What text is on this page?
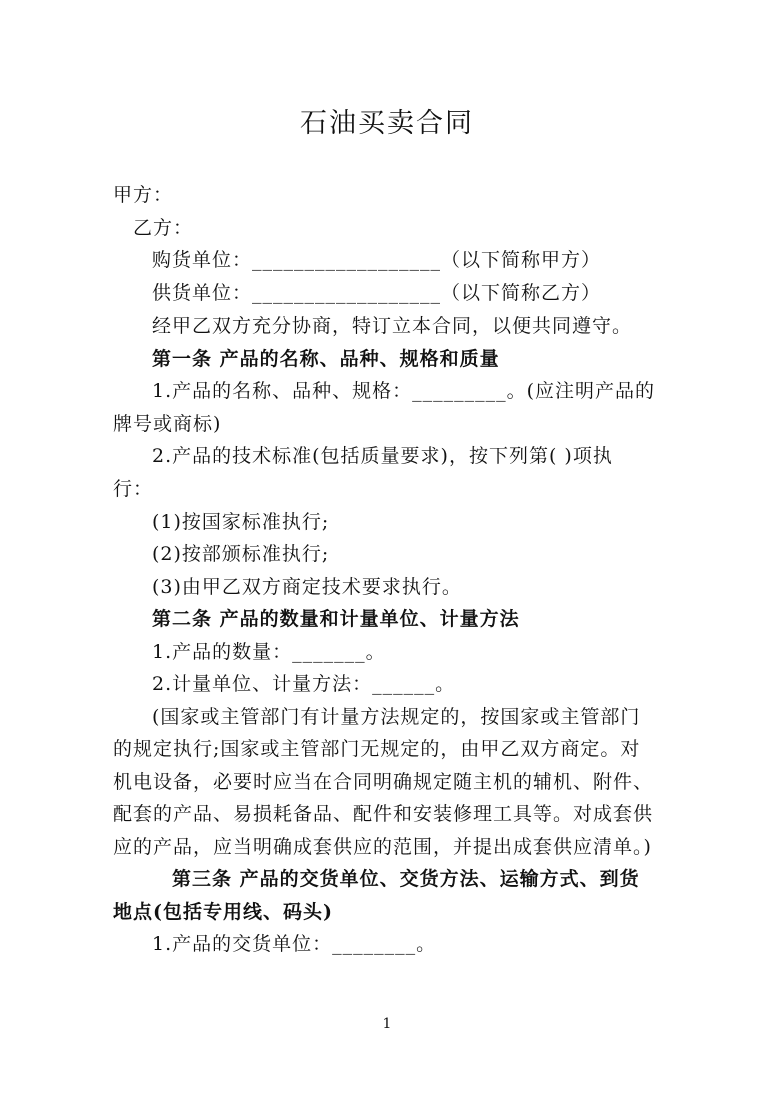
石油买卖合同
甲方：
乙方：
购货单位：__________________（以下简称甲方）
供货单位：__________________（以下简称乙方）
经甲乙双方充分协商，特订立本合同，以便共同遵守。
第一条 产品的名称、品种、规格和质量
1.产品的名称、品种、规格：_________。(应注明产品的
牌号或商标)
2.产品的技术标准(包括质量要求)，按下列第( )项执
行：
(1)按国家标准执行;
(2)按部颁标准执行;
(3)由甲乙双方商定技术要求执行。
第二条 产品的数量和计量单位、计量方法
1.产品的数量：_______。
2.计量单位、计量方法：______。
(国家或主管部门有计量方法规定的，按国家或主管部门
的规定执行;国家或主管部门无规定的，由甲乙双方商定。对
机电设备，必要时应当在合同明确规定随主机的辅机、附件、
配套的产品、易损耗备品、配件和安装修理工具等。对成套供
应的产品，应当明确成套供应的范围，并提出成套供应清单。)
第三条 产品的交货单位、交货方法、运输方式、到货
地点(包括专用线、码头)
1.产品的交货单位：________。
1
